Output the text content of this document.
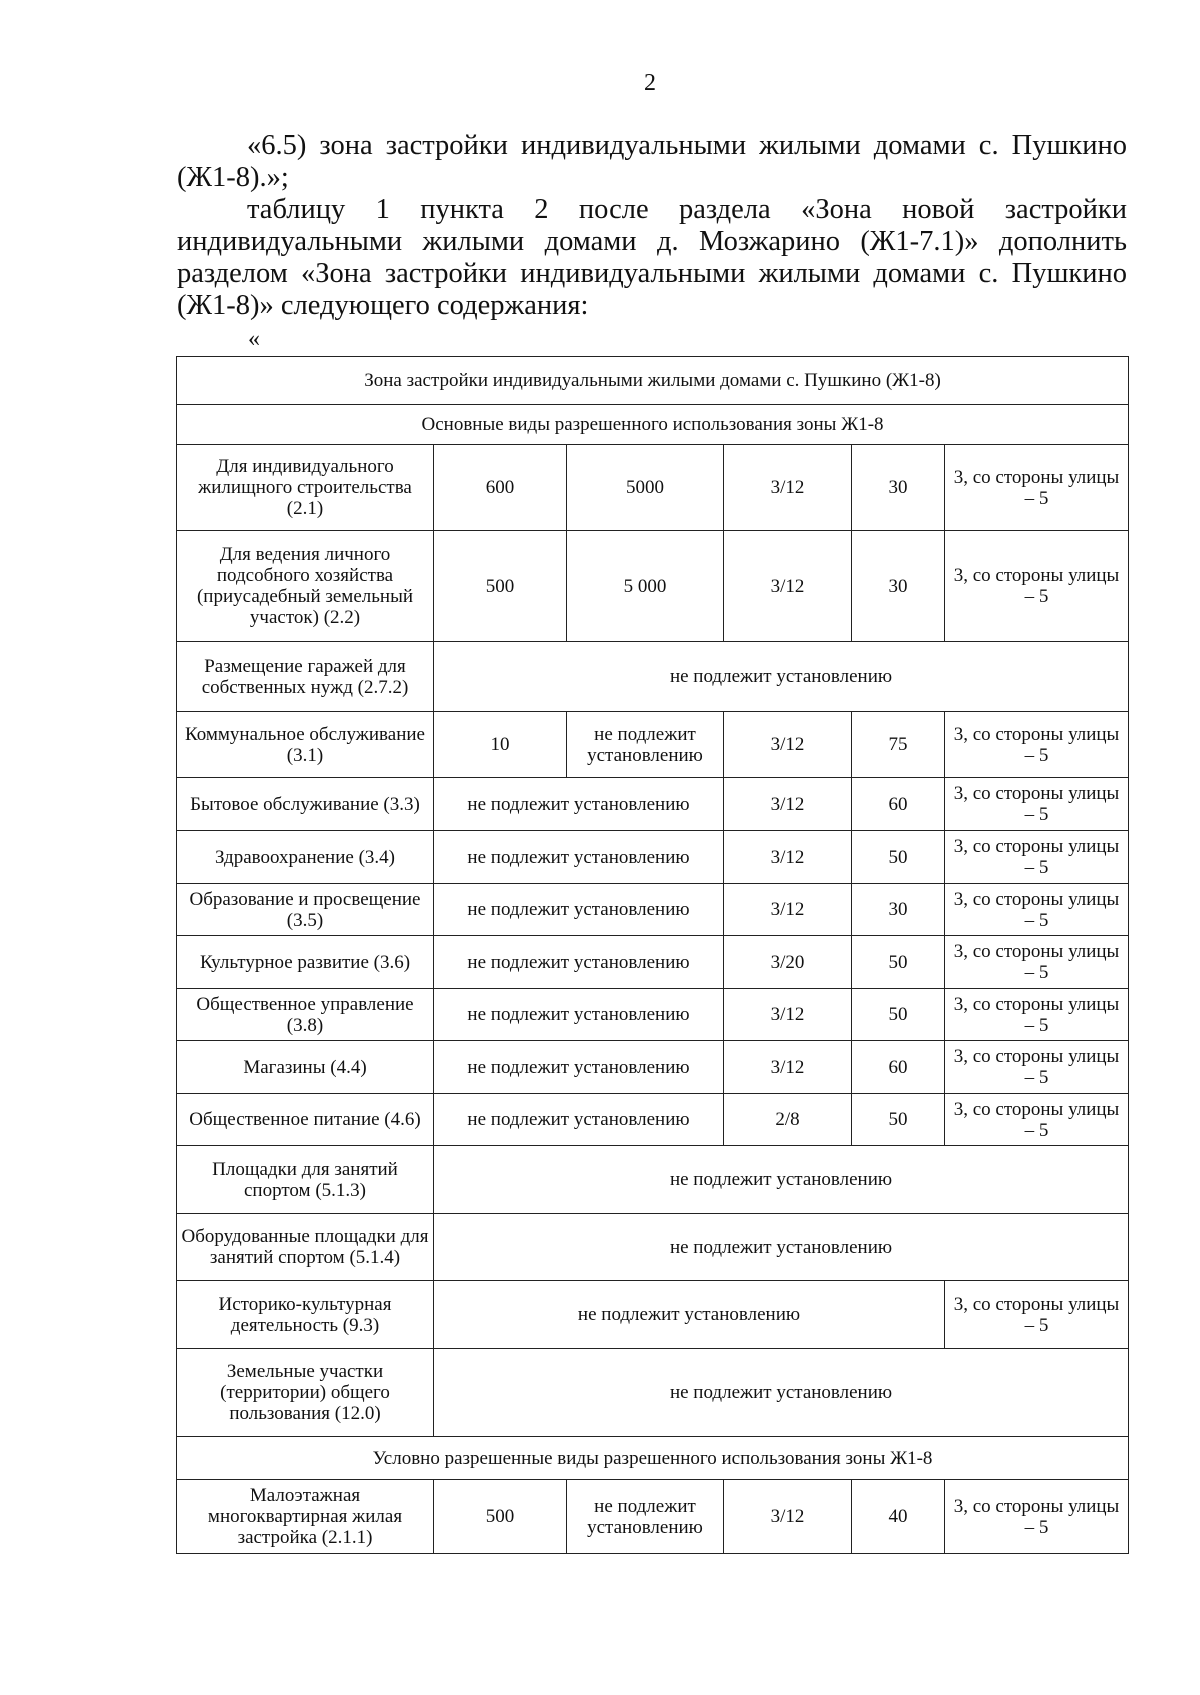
2
«6.5) зона застройки индивидуальными жилыми домами с. Пушкино
(Ж1-8).»;
таблицу 1 пункта 2 после раздела «Зона новой застройки
индивидуальными жилыми домами д. Мозжарино (Ж1-7.1)» дополнить
разделом «Зона застройки индивидуальными жилыми домами с. Пушкино
(Ж1-8)» следующего содержания:
«
Зона застройки индивидуальными жилыми домами с. Пушкино (Ж1-8)					
Основные виды разрешенного использования зоны Ж1-8					
Для индивидуального жилищного строительства (2.1)	600	5000	3/12	30	3, со стороны улицы – 5
Для ведения личного подсобного хозяйства (приусадебный земельный участок) (2.2)	500	5 000	3/12	30	3, со стороны улицы – 5
Размещение гаражей для собственных нужд (2.7.2)	не подлежит установлению				
Коммунальное обслуживание (3.1)	10	не подлежит установлению	3/12	75	3, со стороны улицы – 5
Бытовое обслуживание (3.3)	не подлежит установлению		3/12	60	3, со стороны улицы – 5
Здравоохранение (3.4)	не подлежит установлению		3/12	50	3, со стороны улицы – 5
Образование и просвещение (3.5)	не подлежит установлению		3/12	30	3, со стороны улицы – 5
Культурное развитие (3.6)	не подлежит установлению		3/20	50	3, со стороны улицы – 5
Общественное управление (3.8)	не подлежит установлению		3/12	50	3, со стороны улицы – 5
Магазины (4.4)	не подлежит установлению		3/12	60	3, со стороны улицы – 5
Общественное питание (4.6)	не подлежит установлению		2/8	50	3, со стороны улицы – 5
Площадки для занятий спортом (5.1.3)	не подлежит установлению				
Оборудованные площадки для занятий спортом (5.1.4)	не подлежит установлению				
Историко-культурная деятельность (9.3)	не подлежит установлению				3, со стороны улицы – 5
Земельные участки (территории) общего пользования (12.0)	не подлежит установлению				
Условно разрешенные виды разрешенного использования зоны Ж1-8					
Малоэтажная многоквартирная жилая застройка (2.1.1)	500	не подлежит установлению	3/12	40	3, со стороны улицы – 5
